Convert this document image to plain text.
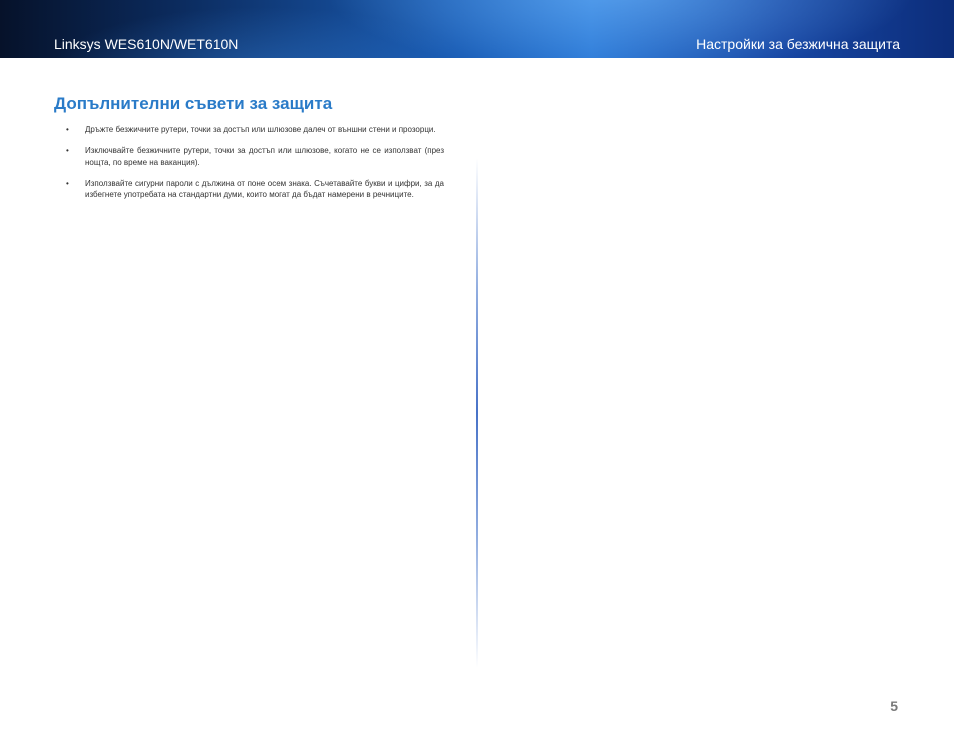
Linksys WES610N/WET610N	Настройки за безжична защита
Допълнителни съвети за защита
• Дръжте безжичните рутери, точки за достъп или шлюзове далеч от външни стени и прозорци.
• Изключвайте безжичните рутери, точки за достъп или шлюзове, когато не се използват (през нощта, по време на ваканция).
• Използвайте сигурни пароли с дължина от поне осем знака. Съчетавайте букви и цифри, за да избегнете употребата на стандартни думи, които могат да бъдат намерени в речниците.
5
